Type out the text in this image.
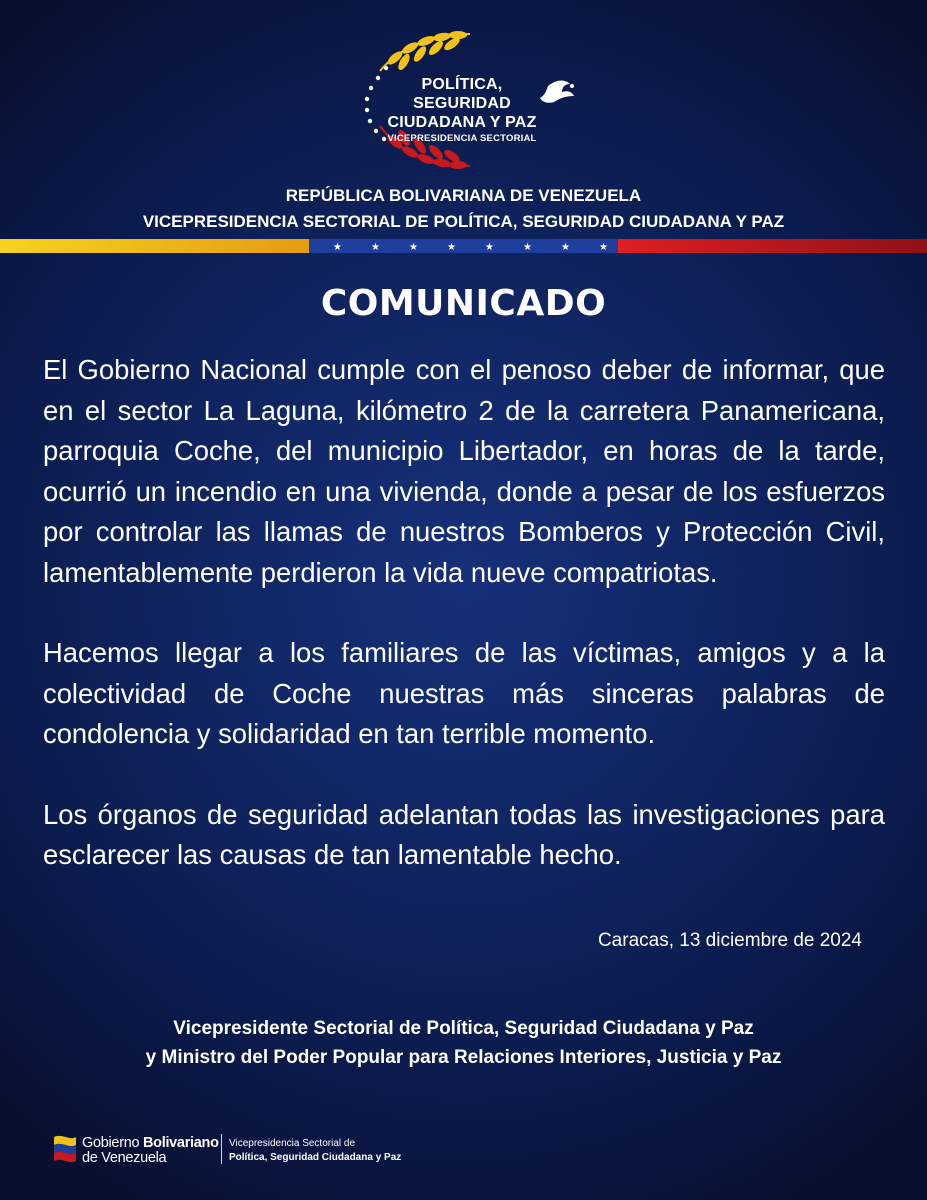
POLÍTICA, SEGURIDAD
CIUDADANA Y PAZ
VICEPRESIDENCIA SECTORIAL
REPÚBLICA BOLIVARIANA DE VENEZUELA
VICEPRESIDENCIA SECTORIAL DE POLÍTICA, SEGURIDAD CIUDADANA Y PAZ
★	★	★	★	★	★	★	★
COMUNICADO

El Gobierno Nacional cumple con el penoso deber de informar, que en el sector La Laguna, kilómetro 2 de la carretera Panamericana, parroquia Coche, del municipio Libertador, en horas de la tarde, ocurrió un incendio en una vivienda, donde a pesar de los esfuerzos por controlar las llamas de nuestros Bomberos y Protección Civil, lamentablemente perdieron la vida nueve compatriotas.

Hacemos llegar a los familiares de las víctimas, amigos y a la colectividad de Coche nuestras más sinceras palabras de condolencia y solidaridad en tan terrible momento.

Los órganos de seguridad adelantan todas las investigaciones para esclarecer las causas de tan lamentable hecho.

Caracas, 13 diciembre de 2024
Vicepresidente Sectorial de Política, Seguridad Ciudadana y Paz
y Ministro del Poder Popular para Relaciones Interiores, Justicia y Paz
Gobierno Bolivariano
de Venezuela
Vicepresidencia Sectorial de
Política, Seguridad Ciudadana y Paz
